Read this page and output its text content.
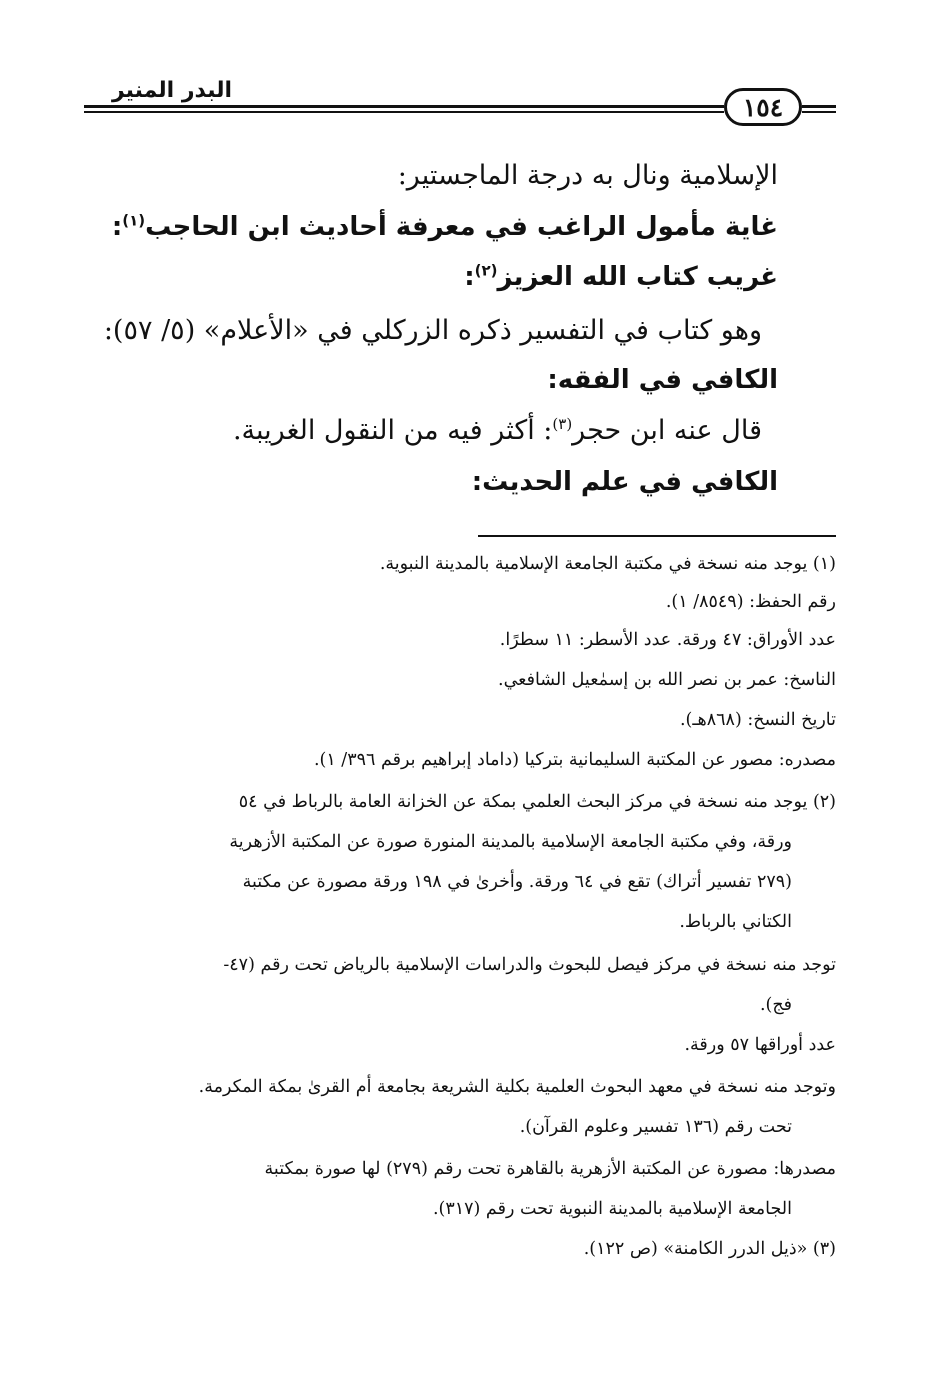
١٥٤
البدر المنير
الإسلامية ونال به درجة الماجستير:
غاية مأمول الراغب في معرفة أحاديث ابن الحاجب$^{(١)}$:
غريب كتاب الله العزيز$^{(٢)}$:
وهو كتاب في التفسير ذكره الزركلي في «الأعلام» (٥/ ٥٧):
الكافي في الفقه:
قال عنه ابن حجر$^{(٣)}$: أكثر فيه من النقول الغريبة.
الكافي في علم الحديث:
(١) يوجد منه نسخة في مكتبة الجامعة الإسلامية بالمدينة النبوية.
رقم الحفظ: (٨٥٤٩/ ١).
عدد الأوراق: ٤٧ ورقة. عدد الأسطر: ١١ سطرًا.
الناسخ: عمر بن نصر الله بن إسمٰعيل الشافعي.
تاريخ النسخ: (٨٦٨هـ).
مصدره: مصور عن المكتبة السليمانية بتركيا (داماد إبراهيم برقم ٣٩٦/ ١).
(٢) يوجد منه نسخة في مركز البحث العلمي بمكة عن الخزانة العامة بالرباط في ٥٤
ورقة، وفي مكتبة الجامعة الإسلامية بالمدينة المنورة صورة عن المكتبة الأزهرية
(٢٧٩ تفسير أتراك) تقع في ٦٤ ورقة. وأخرىٰ في ١٩٨ ورقة مصورة عن مكتبة
الكتاني بالرباط.
توجد منه نسخة في مركز فيصل للبحوث والدراسات الإسلامية بالرياض تحت رقم (٤٧-
فج).
عدد أوراقها ٥٧ ورقة.
وتوجد منه نسخة في معهد البحوث العلمية بكلية الشريعة بجامعة أم القرىٰ بمكة المكرمة.
تحت رقم (١٣٦ تفسير وعلوم القرآن).
مصدرها: مصورة عن المكتبة الأزهرية بالقاهرة تحت رقم (٢٧٩) لها صورة بمكتبة
الجامعة الإسلامية بالمدينة النبوية تحت رقم (٣١٧).
(٣) «ذيل الدرر الكامنة» (ص ١٢٢).
